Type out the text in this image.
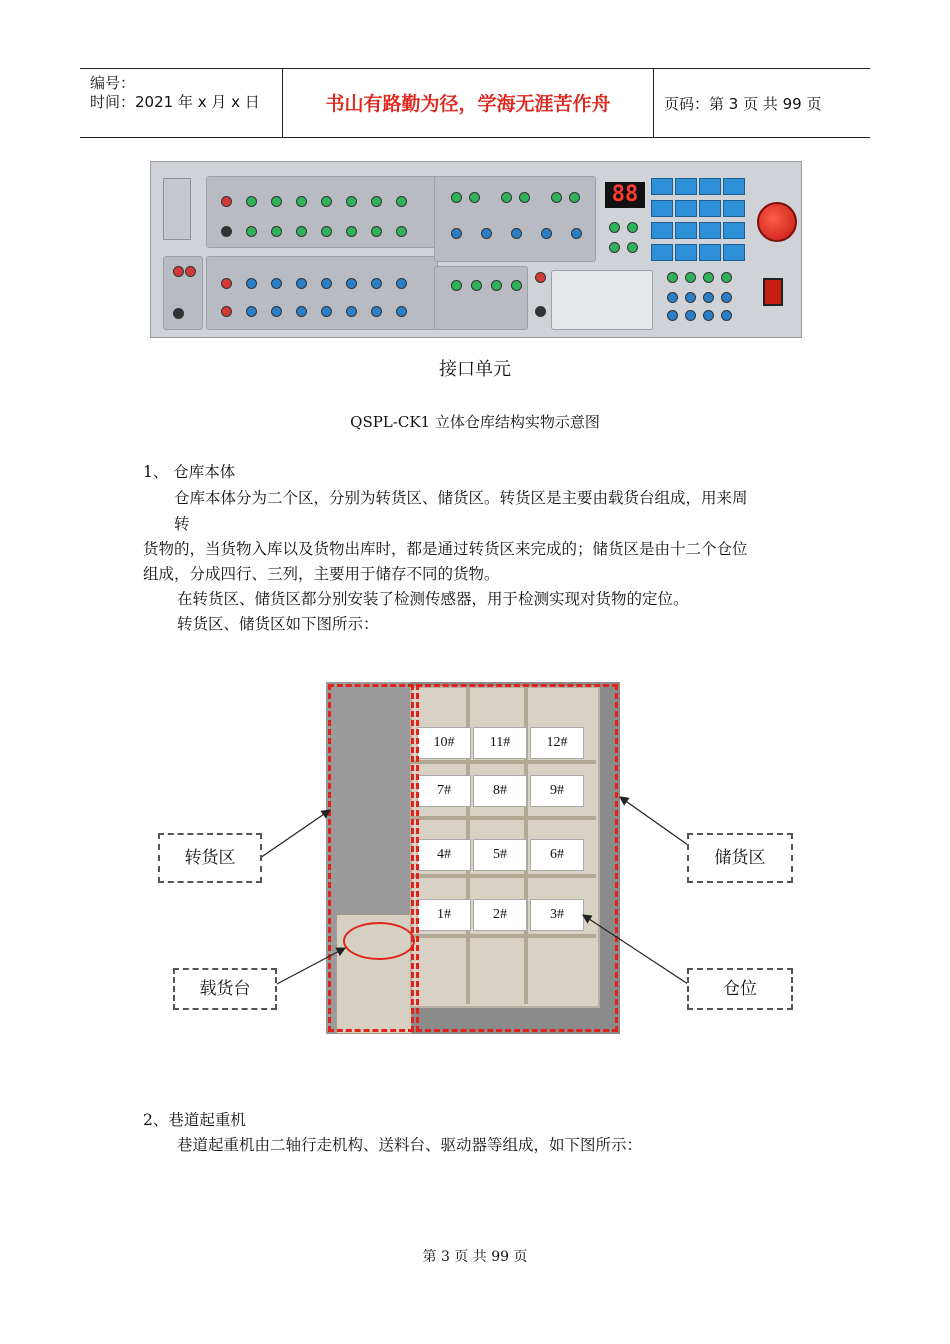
编号：
时间：2021 年 x 月 x 日	书山有路勤为径，学海无涯苦作舟	页码：第 3 页 共 99 页
88
接口单元
QSPL-CK1 立体仓库结构实物示意图
1、 仓库本体
仓库本体分为二个区，分别为转货区、储货区。转货区是主要由载货台组成，用来周
转
货物的，当货物入库以及货物出库时，都是通过转货区来完成的；储货区是由十二个仓位
组成，分成四行、三列，主要用于储存不同的货物。
在转货区、储货区都分别安装了检测传感器，用于检测实现对货物的定位。
转货区、储货区如下图所示：
10#	11#	12#
7#	8#	9#
4#	5#	6#
1#	2#	3#
转货区	储货区
载货台	仓位
2、巷道起重机
巷道起重机由二轴行走机构、送料台、驱动器等组成，如下图所示：
第 3 页 共 99 页
